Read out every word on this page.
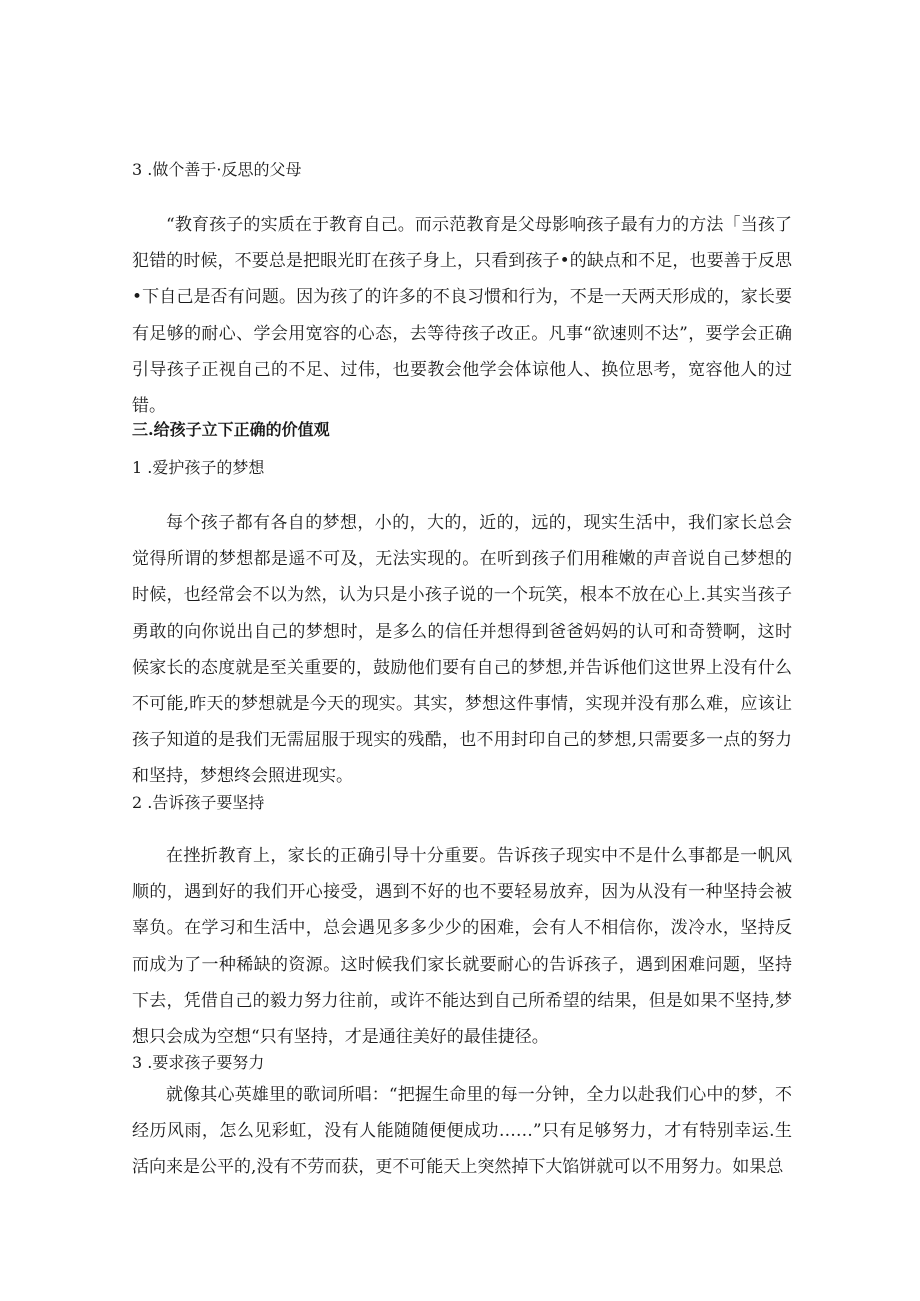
3 .做个善于·反思的父母
“教育孩子的实质在于教育自己。而示范教育是父母影响孩子最有力的方法「当孩了犯错的时候，不要总是把眼光盯在孩子身上，只看到孩子•的缺点和不足，也要善于反思•下自己是否有问题。因为孩了的许多的不良习惯和行为，不是一天两天形成的，家长要有足够的耐心、学会用宽容的心态，去等待孩子改正。凡事“欲速则不达”，要学会正确引导孩子正视自己的不足、过伟，也要教会他学会体谅他人、换位思考，宽容他人的过错。
三.给孩子立下正确的价值观
1 .爱护孩子的梦想
每个孩子都有各自的梦想，小的，大的，近的，远的，现实生活中，我们家长总会觉得所谓的梦想都是遥不可及，无法实现的。在听到孩子们用稚嫩的声音说自己梦想的时候，也经常会不以为然，认为只是小孩子说的一个玩笑，根本不放在心上.其实当孩子勇敢的向你说出自己的梦想时，是多么的信任并想得到爸爸妈妈的认可和奇赞啊，这时候家长的态度就是至关重要的，鼓励他们要有自己的梦想,并告诉他们这世界上没有什么不可能,昨天的梦想就是今天的现实。其实，梦想这件事情，实现并没有那么难，应该让孩子知道的是我们无需屈服于现实的残酷，也不用封印自己的梦想,只需要多一点的努力和坚持，梦想终会照进现实。
2 .告诉孩子要坚持
在挫折教育上，家长的正确引导十分重要。告诉孩子现实中不是什么事都是一帆风顺的，遇到好的我们开心接受，遇到不好的也不要轻易放弃，因为从没有一种坚持会被辜负。在学习和生活中，总会遇见多多少少的困难，会有人不相信你，泼冷水，坚持反而成为了一种稀缺的资源。这时候我们家长就要耐心的告诉孩子，遇到困难问题，坚持下去，凭借自己的毅力努力往前，或许不能达到自己所希望的结果，但是如果不坚持,梦想只会成为空想“只有坚持，才是通往美好的最佳捷径。
3 .要求孩子要努力
就像其心英雄里的歌词所唱：“把握生命里的每一分钟，全力以赴我们心中的梦，不经历风雨，怎么见彩虹，没有人能随随便便成功……”只有足够努力，才有特别幸运.生活向来是公平的,没有不劳而获，更不可能天上突然掉下大馅饼就可以不用努力。如果总
